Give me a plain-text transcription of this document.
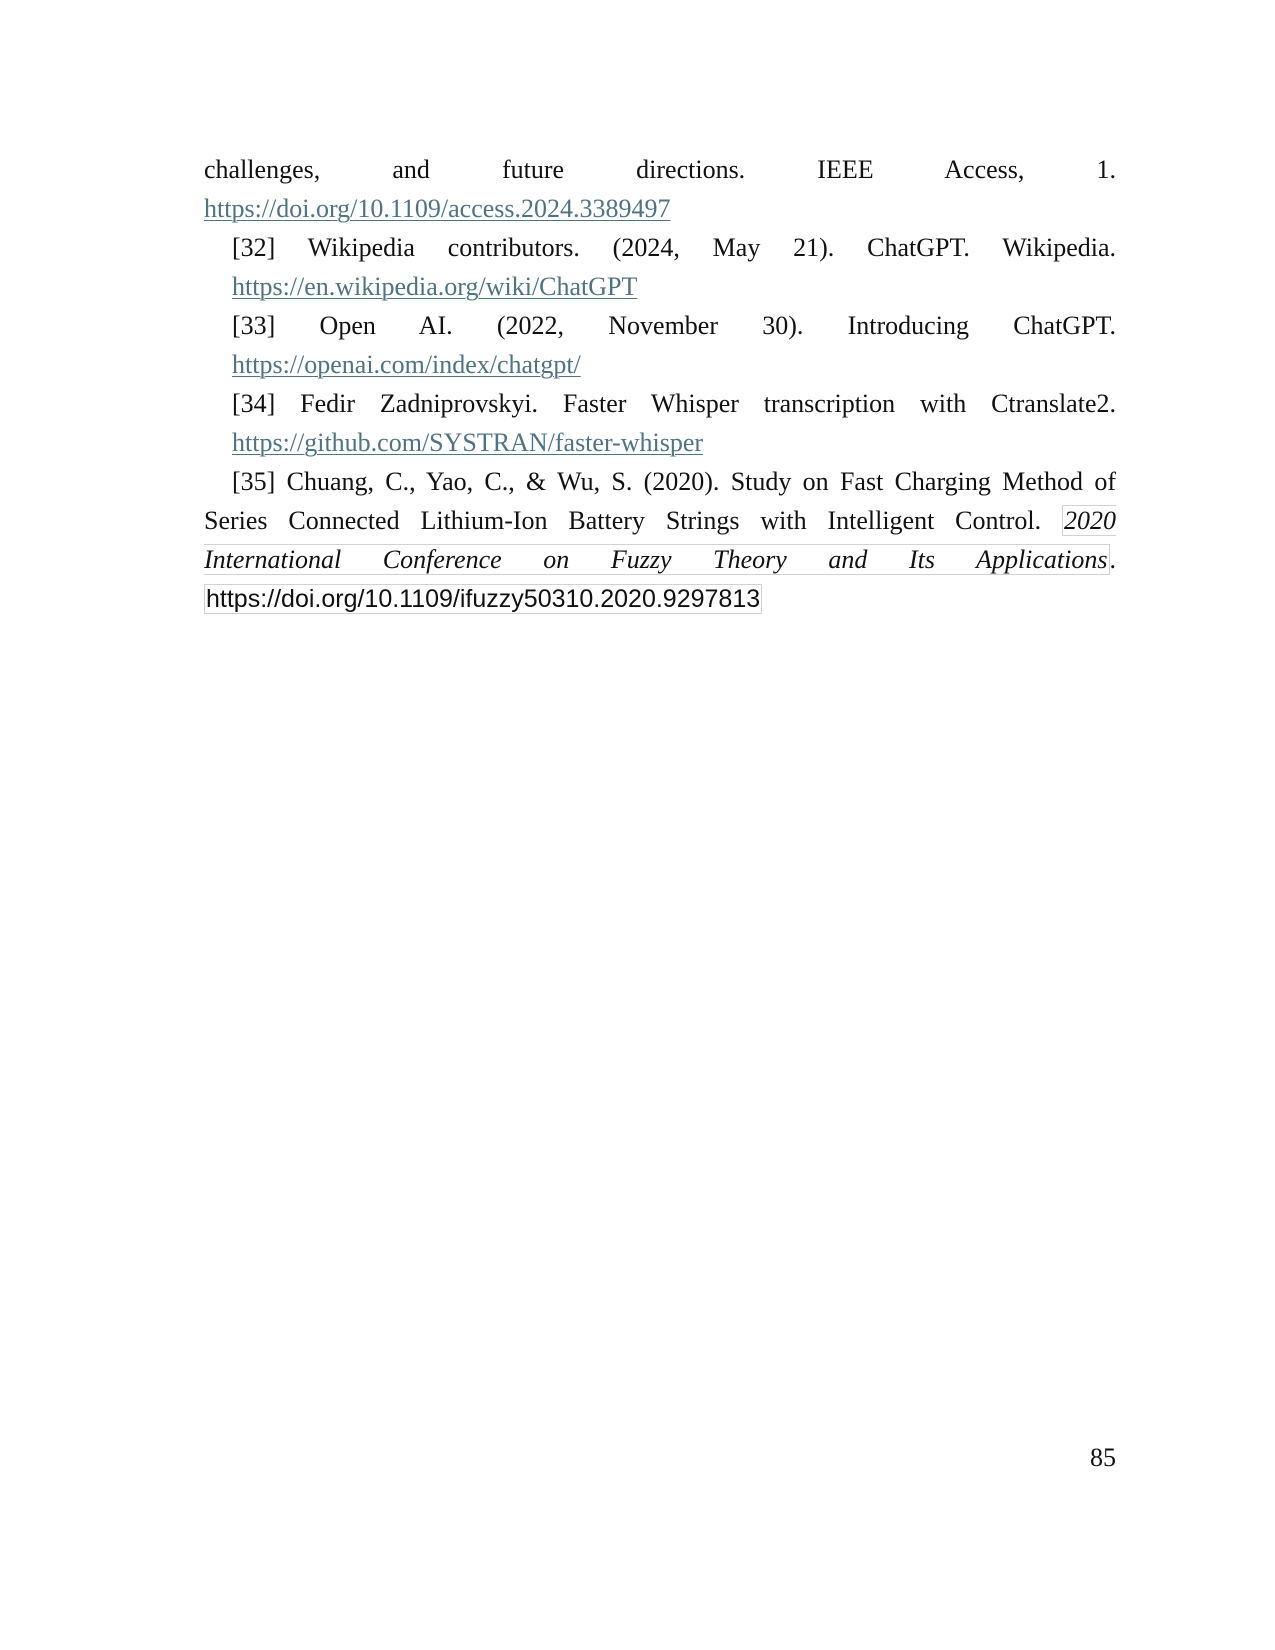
challenges, and future directions. IEEE Access, 1.
https://doi.org/10.1109/access.2024.3389497
[32] Wikipedia contributors. (2024, May 21). ChatGPT. Wikipedia.
https://en.wikipedia.org/wiki/ChatGPT
[33] Open AI. (2022, November 30). Introducing ChatGPT.
https://openai.com/index/chatgpt/
[34] Fedir Zadniprovskyi. Faster Whisper transcription with Ctranslate2.
https://github.com/SYSTRAN/faster-whisper
[35] Chuang, C., Yao, C., & Wu, S. (2020). Study on Fast Charging Method of Series Connected Lithium-Ion Battery Strings with Intelligent Control. 2020 International Conference on Fuzzy Theory and Its Applications. https://doi.org/10.1109/ifuzzy50310.2020.9297813
85
